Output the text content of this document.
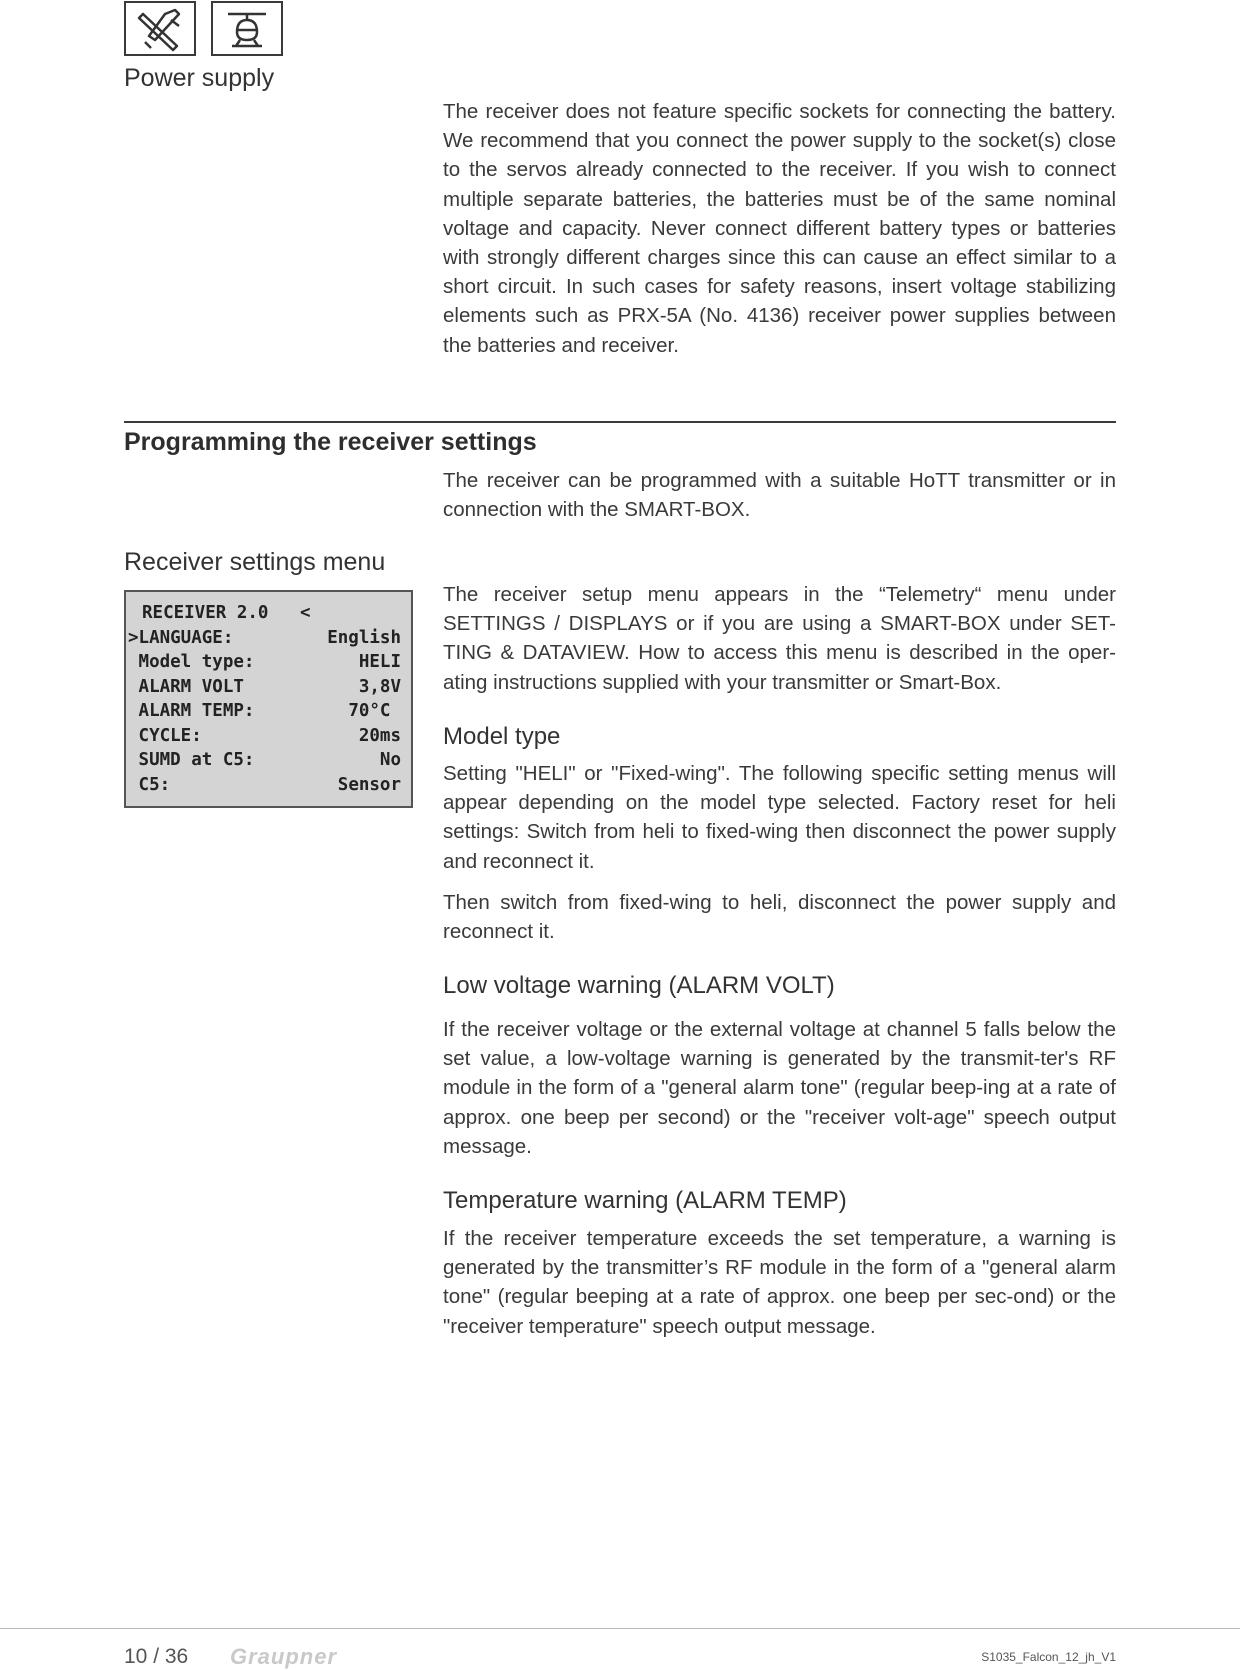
Power supply
The receiver does not feature specific sockets for connecting the battery. We recommend that you connect the power supply to the socket(s) close to the servos already connected to the receiver. If you wish to connect multiple separate batteries, the batteries must be of the same nominal voltage and capacity. Never connect different battery types or batteries with strongly different charges since this can cause an effect similar to a short circuit. In such cases for safety reasons, insert voltage stabilizing elements such as PRX-5A (No. 4136) receiver power supplies between the batteries and receiver.
Programming the receiver settings
The receiver can be programmed with a suitable HoTT transmitter or in connection with the SMART-BOX.
Receiver settings menu
The receiver setup menu appears in the “Telemetry“ menu under SETTINGS / DISPLAYS or if you are using a SMART-BOX under SET-TING & DATAVIEW. How to access this menu is described in the oper-ating instructions supplied with your transmitter or Smart-Box.
RECEIVER 2.0   <
>LANGUAGE:	English
Model type:	HELI
ALARM VOLT	3,8V
ALARM TEMP:	70°C
CYCLE:	20ms
SUMD at C5:	No
C5:	Sensor
Model type
Setting "HELI" or "Fixed-wing". The following specific setting menus will appear depending on the model type selected. Factory reset for heli settings: Switch from heli to fixed-wing then disconnect the power supply and reconnect it.
Then switch from fixed-wing to heli, disconnect the power supply and reconnect it.
Low voltage warning (ALARM VOLT)
If the receiver voltage or the external voltage at channel 5 falls below the set value, a low-voltage warning is generated by the transmit-ter's RF module in the form of a "general alarm tone" (regular beep-ing at a rate of approx. one beep per second) or the "receiver volt-age" speech output message.
Temperature warning (ALARM TEMP)
If the receiver temperature exceeds the set temperature, a warning is generated by the transmitter’s RF module in the form of a "general alarm tone" (regular beeping at a rate of approx. one beep per sec-ond) or the "receiver temperature" speech output message.
10 / 36 Graupner	S1035_Falcon_12_jh_V1
